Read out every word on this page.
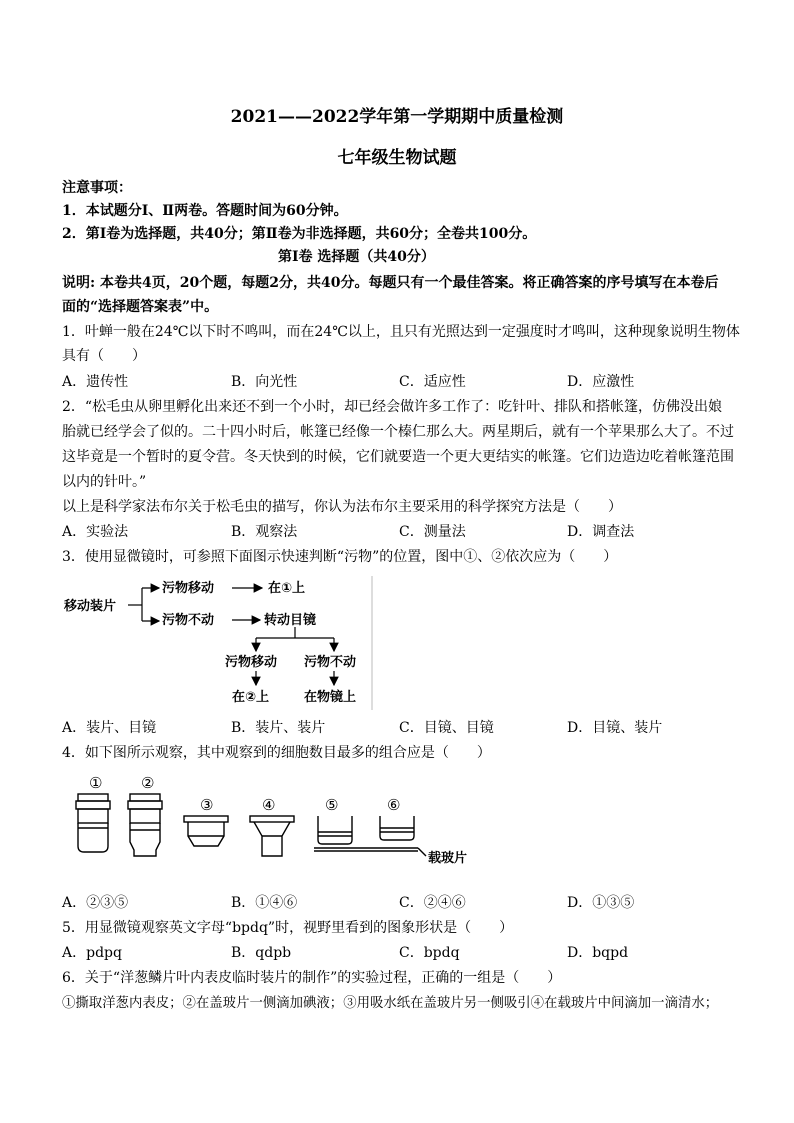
2021——2022学年第一学期期中质量检测
七年级生物试题
注意事项：
1．本试题分Ⅰ、Ⅱ两卷。答题时间为60分钟。
2．第Ⅰ卷为选择题，共40分；第Ⅱ卷为非选择题，共60分；全卷共100分。
第Ⅰ卷 选择题（共40分）
说明: 本卷共4页，20个题，每题2分，共40分。每题只有一个最佳答案。将正确答案的序号填写在本卷后
面的“选择题答案表”中。
1．叶蝉一般在24℃以下时不鸣叫，而在24℃以上，且只有光照达到一定强度时才鸣叫，这种现象说明生物体
具有（　　）
A．遗传性	B．向光性	C．适应性	D．应激性
2．“松毛虫从卵里孵化出来还不到一个小时，却已经会做许多工作了：吃针叶、排队和搭帐篷，仿佛没出娘
胎就已经学会了似的。二十四小时后，帐篷已经像一个榛仁那么大。两星期后，就有一个苹果那么大了。不过
这毕竟是一个暂时的夏令营。冬天快到的时候，它们就要造一个更大更结实的帐篷。它们边造边吃着帐篷范围
以内的针叶。”
以上是科学家法布尔关于松毛虫的描写，你认为法布尔主要采用的科学探究方法是（　　）
A．实验法	B．观察法	C．测量法	D．调查法
3．使用显微镜时，可参照下面图示快速判断“污物”的位置，图中①、②依次应为（　　）
移动装片
污物移动
污物不动
在①上
转动目镜
污物移动 污物不动
在②上	在物镜上
A．装片、目镜	B．装片、装片	C．目镜、目镜	D．目镜、装片
4．如下图所示观察，其中观察到的细胞数目最多的组合应是（　　）
①	②
③	④	⑤	⑥
载玻片
A．②③⑤	B．①④⑥	C．②④⑥	D．①③⑤
5．用显微镜观察英文字母“bpdq”时，视野里看到的图象形状是（　　）
A．pdpq	B．qdpb	C．bpdq	D．bqpd
6．关于“洋葱鳞片叶内表皮临时装片的制作”的实验过程，正确的一组是（　　）
①撕取洋葱内表皮；②在盖玻片一侧滴加碘液；③用吸水纸在盖玻片另一侧吸引④在载玻片中间滴加一滴清水；
